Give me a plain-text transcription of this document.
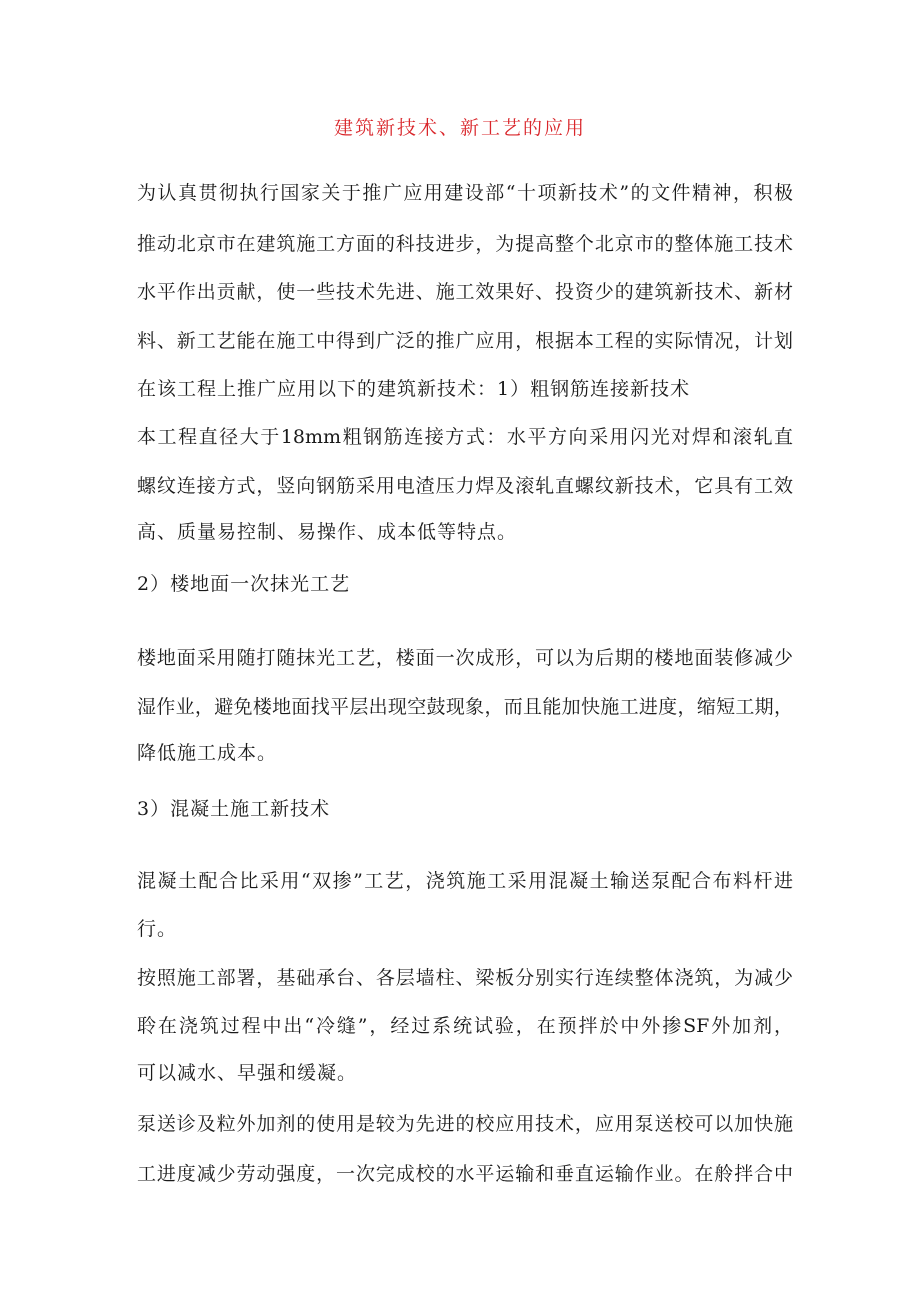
建筑新技术、新工艺的应用
为认真贯彻执行国家关于推广应用建设部“十项新技术”的文件精神，积极
推动北京市在建筑施工方面的科技进步，为提高整个北京市的整体施工技术
水平作出贡献，使一些技术先进、施工效果好、投资少的建筑新技术、新材
料、新工艺能在施工中得到广泛的推广应用，根据本工程的实际情况，计划
在该工程上推广应用以下的建筑新技术：1）粗钢筋连接新技术
本工程直径大于18mm粗钢筋连接方式：水平方向采用闪光对焊和滚轧直
螺纹连接方式，竖向钢筋采用电渣压力焊及滚轧直螺纹新技术，它具有工效
高、质量易控制、易操作、成本低等特点。
2）楼地面一次抹光工艺
楼地面采用随打随抹光工艺，楼面一次成形，可以为后期的楼地面装修减少
湿作业，避免楼地面找平层出现空鼓现象，而且能加快施工进度，缩短工期，
降低施工成本。
3）混凝土施工新技术
混凝土配合比采用“双掺”工艺，浇筑施工采用混凝土输送泵配合布料杆进
行。
按照施工部署，基础承台、各层墙柱、梁板分别实行连续整体浇筑，为减少
聆在浇筑过程中出“冷缝”，经过系统试验，在预拌於中外掺SF外加剂，
可以减水、早强和缓凝。
泵送诊及粒外加剂的使用是较为先进的校应用技术，应用泵送校可以加快施
工进度减少劳动强度，一次完成校的水平运输和垂直运输作业。在舲拌合中
